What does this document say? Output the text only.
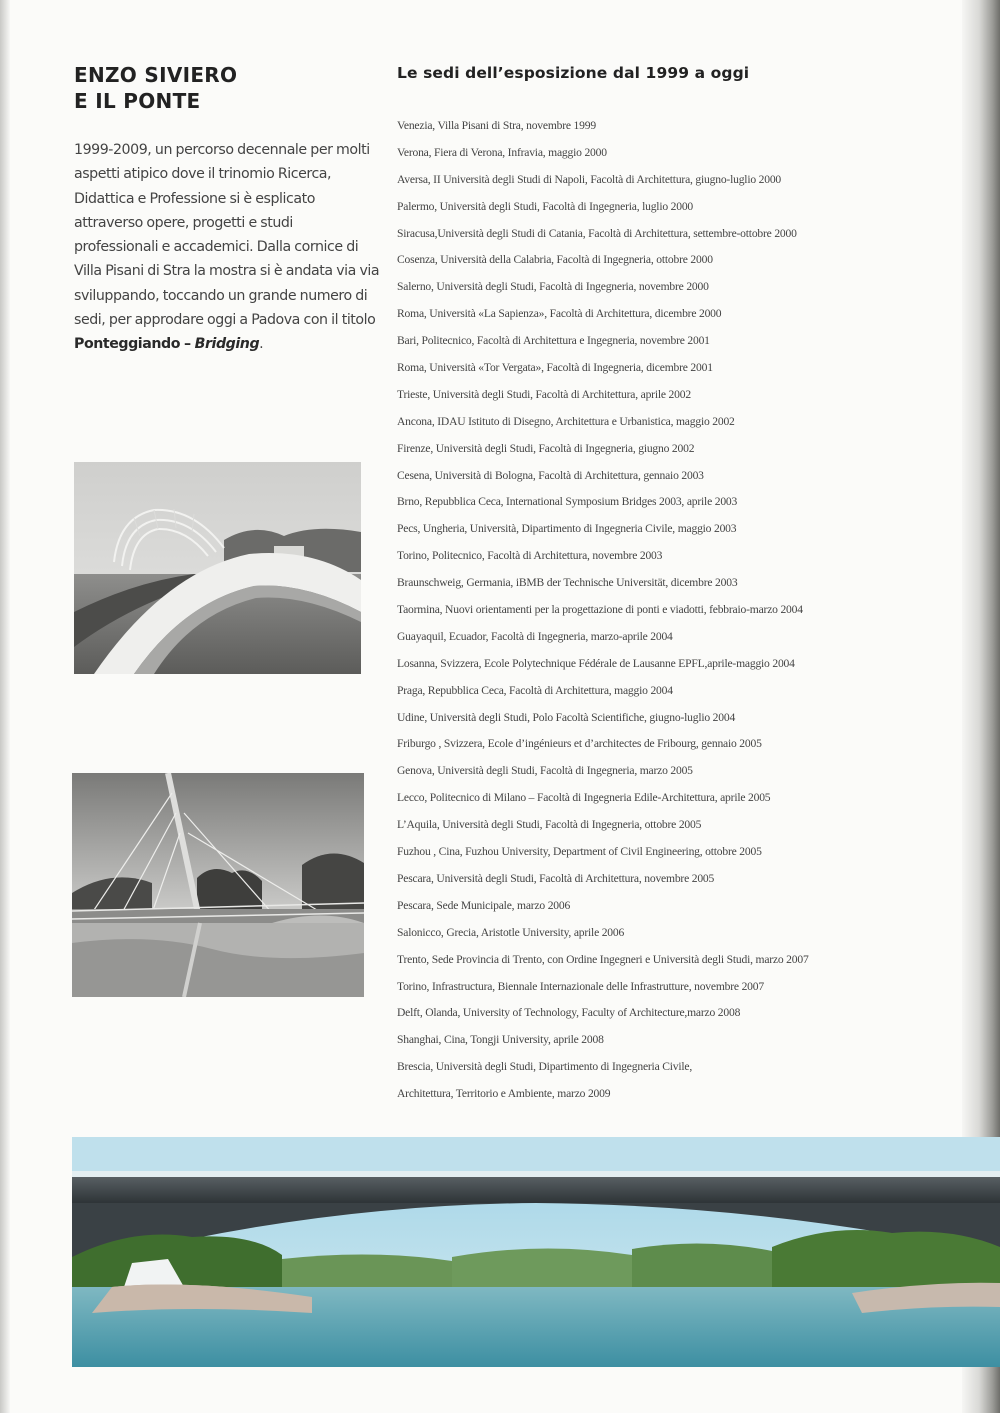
ENZO SIVIERO
E IL PONTE

1999-2009, un percorso decennale per molti aspetti atipico dove il trinomio Ricerca, Didattica e Professione si è esplicato attraverso opere, progetti e studi professionali e accademici. Dalla cornice di Villa Pisani di Stra la mostra si è andata via via sviluppando, toccando un grande numero di sedi, per approdare oggi a Padova con il titolo Ponteggiando – Bridging.

Le sedi dell’esposizione dal 1999 a oggi
Venezia, Villa Pisani di Stra, novembre 1999
Verona, Fiera di Verona, Infravia, maggio 2000
Aversa, II Università degli Studi di Napoli, Facoltà di Architettura, giugno-luglio 2000
Palermo, Università degli Studi, Facoltà di Ingegneria, luglio 2000
Siracusa,Università degli Studi di Catania, Facoltà di Architettura, settembre-ottobre 2000
Cosenza, Università della Calabria, Facoltà di Ingegneria, ottobre 2000
Salerno, Università degli Studi, Facoltà di Ingegneria, novembre 2000
Roma, Università «La Sapienza», Facoltà di Architettura, dicembre 2000
Bari, Politecnico, Facoltà di Architettura e Ingegneria, novembre 2001
Roma, Università «Tor Vergata», Facoltà di Ingegneria, dicembre 2001
Trieste, Università degli Studi, Facoltà di Architettura, aprile 2002
Ancona, IDAU Istituto di Disegno, Architettura e Urbanistica, maggio 2002
Firenze, Università degli Studi, Facoltà di Ingegneria, giugno 2002
Cesena, Università di Bologna, Facoltà di Architettura, gennaio 2003
Brno, Repubblica Ceca, International Symposium Bridges 2003, aprile 2003
Pecs, Ungheria, Università, Dipartimento di Ingegneria Civile, maggio 2003
Torino, Politecnico, Facoltà di Architettura, novembre 2003
Braunschweig, Germania, iBMB der Technische Universität, dicembre 2003
Taormina, Nuovi orientamenti per la progettazione di ponti e viadotti, febbraio-marzo 2004
Guayaquil, Ecuador, Facoltà di Ingegneria, marzo-aprile 2004
Losanna, Svizzera, Ecole Polytechnique Fédérale de Lausanne EPFL,aprile-maggio 2004
Praga, Repubblica Ceca, Facoltà di Architettura, maggio 2004
Udine, Università degli Studi, Polo Facoltà Scientifiche, giugno-luglio 2004
Friburgo , Svizzera, Ecole d’ingénieurs et d’architectes de Fribourg, gennaio 2005
Genova, Università degli Studi, Facoltà di Ingegneria, marzo 2005
Lecco, Politecnico di Milano – Facoltà di Ingegneria Edile-Architettura, aprile 2005
L’Aquila, Università degli Studi, Facoltà di Ingegneria, ottobre 2005
Fuzhou , Cina, Fuzhou University, Department of Civil Engineering, ottobre 2005
Pescara, Università degli Studi, Facoltà di Architettura, novembre 2005
Pescara, Sede Municipale, marzo 2006
Salonicco, Grecia, Aristotle University, aprile 2006
Trento, Sede Provincia di Trento, con Ordine Ingegneri e Università degli Studi, marzo 2007
Torino, Infrastructura, Biennale Internazionale delle Infrastrutture, novembre 2007
Delft, Olanda, University of Technology, Faculty of Architecture,marzo 2008
Shanghai, Cina, Tongji University, aprile 2008
Brescia, Università degli Studi, Dipartimento di Ingegneria Civile,
Architettura, Territorio e Ambiente, marzo 2009
